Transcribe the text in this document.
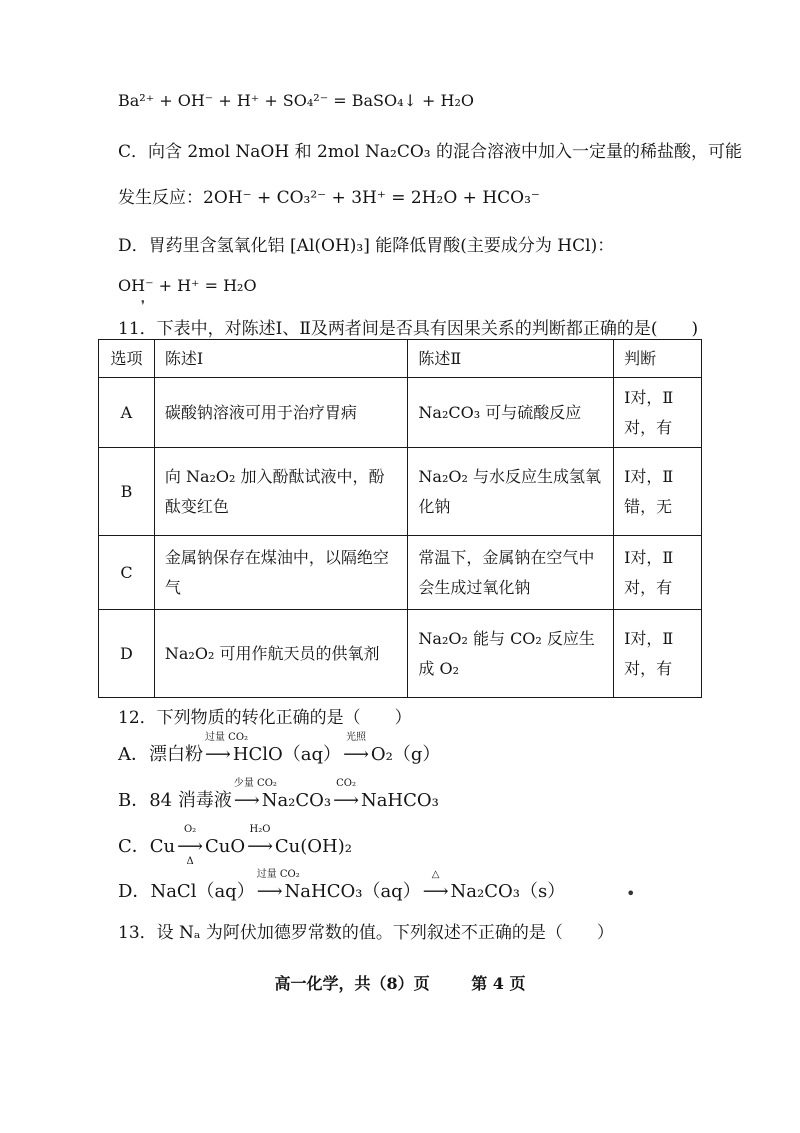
Ba²⁺ + OH⁻ + H⁺ + SO₄²⁻ = BaSO₄↓ + H₂O
C．向含 2mol NaOH 和 2mol Na₂CO₃ 的混合溶液中加入一定量的稀盐酸，可能
发生反应：2OH⁻ + CO₃²⁻ + 3H⁺ = 2H₂O + HCO₃⁻
D．胃药里含氢氧化铝 [Al(OH)₃] 能降低胃酸(主要成分为 HCl)：
OH⁻ + H⁺ = H₂O
11．下表中，对陈述Ⅰ、Ⅱ及两者间是否具有因果关系的判断都正确的是(　　)
选项	陈述Ⅰ	陈述Ⅱ	判断
A	碳酸钠溶液可用于治疗胃病	Na₂CO₃ 可与硫酸反应	Ⅰ对，Ⅱ对，有
B	向 Na₂O₂ 加入酚酞试液中，酚酞变红色	Na₂O₂ 与水反应生成氢氧化钠	Ⅰ对，Ⅱ错，无
C	金属钠保存在煤油中，以隔绝空气	常温下，金属钠在空气中会生成过氧化钠	Ⅰ对，Ⅱ对，有
D	Na₂O₂ 可用作航天员的供氧剂	Na₂O₂ 能与 CO₂ 反应生成 O₂	Ⅰ对，Ⅱ对，有
12．下列物质的转化正确的是（　　）
A．漂白粉
过量 CO₂
⟶ HClO（aq）
光照
⟶ O₂（g）
B．84 消毒液
少量 CO₂
⟶ Na₂CO₃
CO₂
⟶ NaHCO₃
C．Cu
O₂
⟶
Δ
CuO
H₂O
⟶ Cu(OH)₂
D．NaCl（aq）
过量 CO₂
⟶ NaHCO₃（aq）
△
⟶ Na₂CO₃（s）
13．设 Nₐ 为阿伏加德罗常数的值。下列叙述不正确的是（　　）
高一化学，共（8）页	第 4 页
❜
•
